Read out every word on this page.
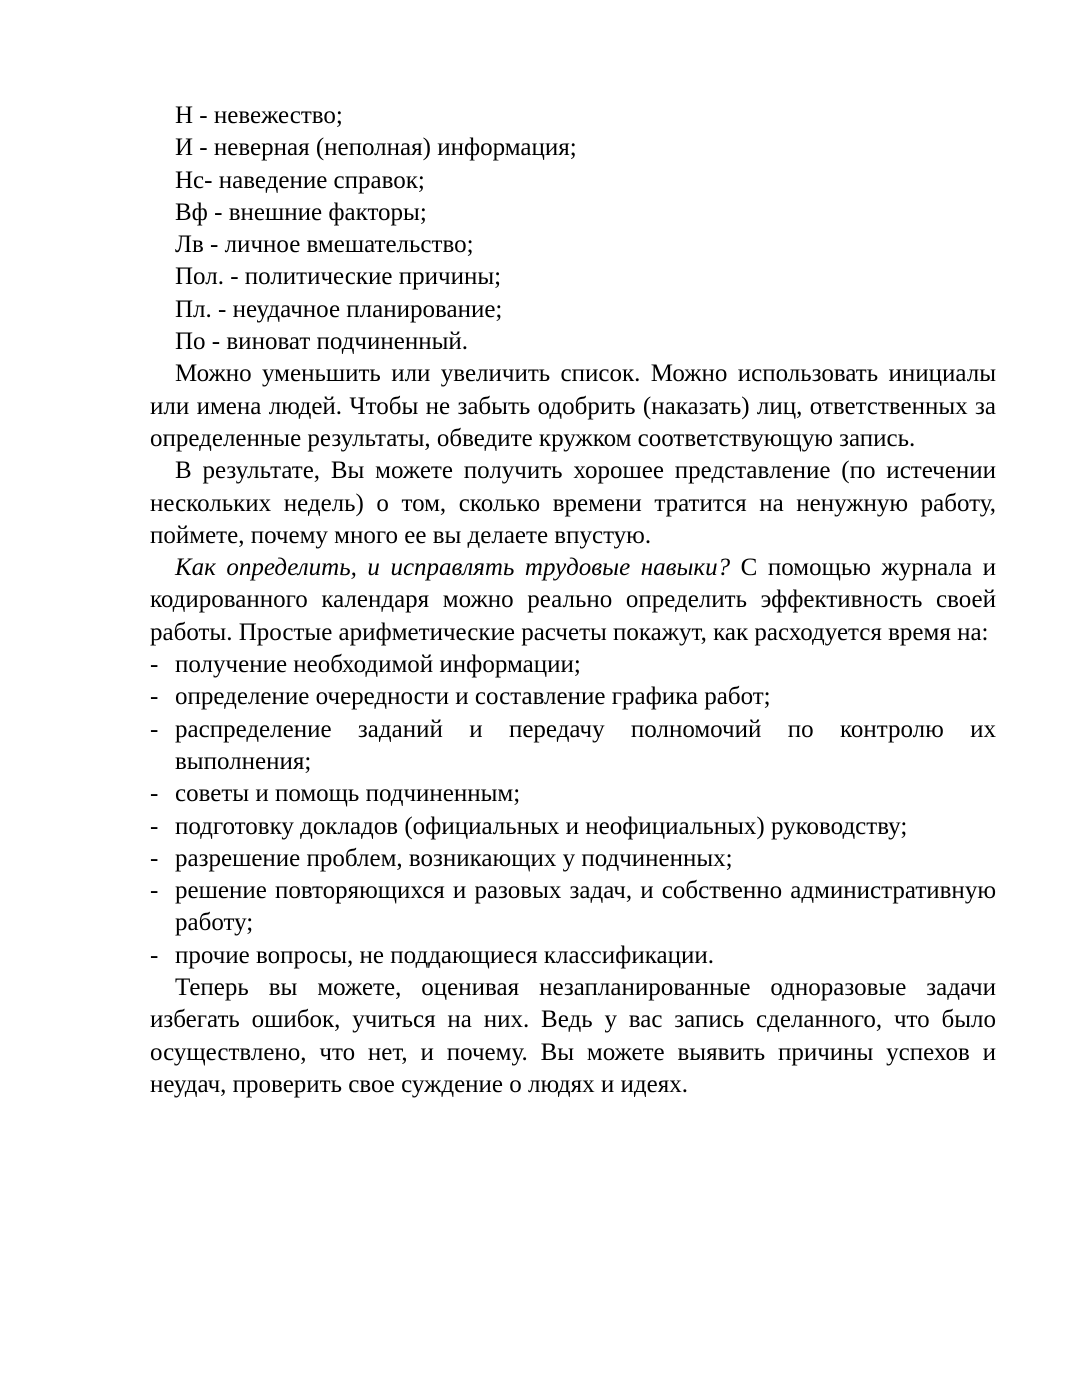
Н - невежество;
И - неверная (неполная) информация;
Нс- наведение справок;
Вф - внешние факторы;
Лв - личное вмешательство;
Пол. - политические причины;
Пл. - неудачное планирование;
По - виноват подчиненный.

Можно уменьшить или увеличить список. Можно использовать инициалы или имена людей. Чтобы не забыть одобрить (наказать) лиц, ответственных за определенные результаты, обведите кружком соответствующую запись.

В результате, Вы можете получить хорошее представление (по истечении нескольких недель) о том, сколько времени тратится на ненужную работу, поймете, почему много ее вы делаете впустую.

Как определить, и исправлять трудовые навыки? С помощью журнала и кодированного календаря можно реально определить эффективность своей работы. Простые арифметические расчеты покажут, как расходуется время на:

- получение необходимой информации;
- определение очередности и составление графика работ;
- распределение заданий и передачу полномочий по контролю их выполнения;
- советы и помощь подчиненным;
- подготовку докладов (официальных и неофициальных) руководству;
- разрешение проблем, возникающих у подчиненных;
- решение повторяющихся и разовых задач, и собственно административную работу;
- прочие вопросы, не поддающиеся классификации.

Теперь вы можете, оценивая незапланированные одноразовые задачи избегать ошибок, учиться на них. Ведь у вас запись сделанного, что было осуществлено, что нет, и почему. Вы можете выявить причины успехов и неудач, проверить свое суждение о людях и идеях.
